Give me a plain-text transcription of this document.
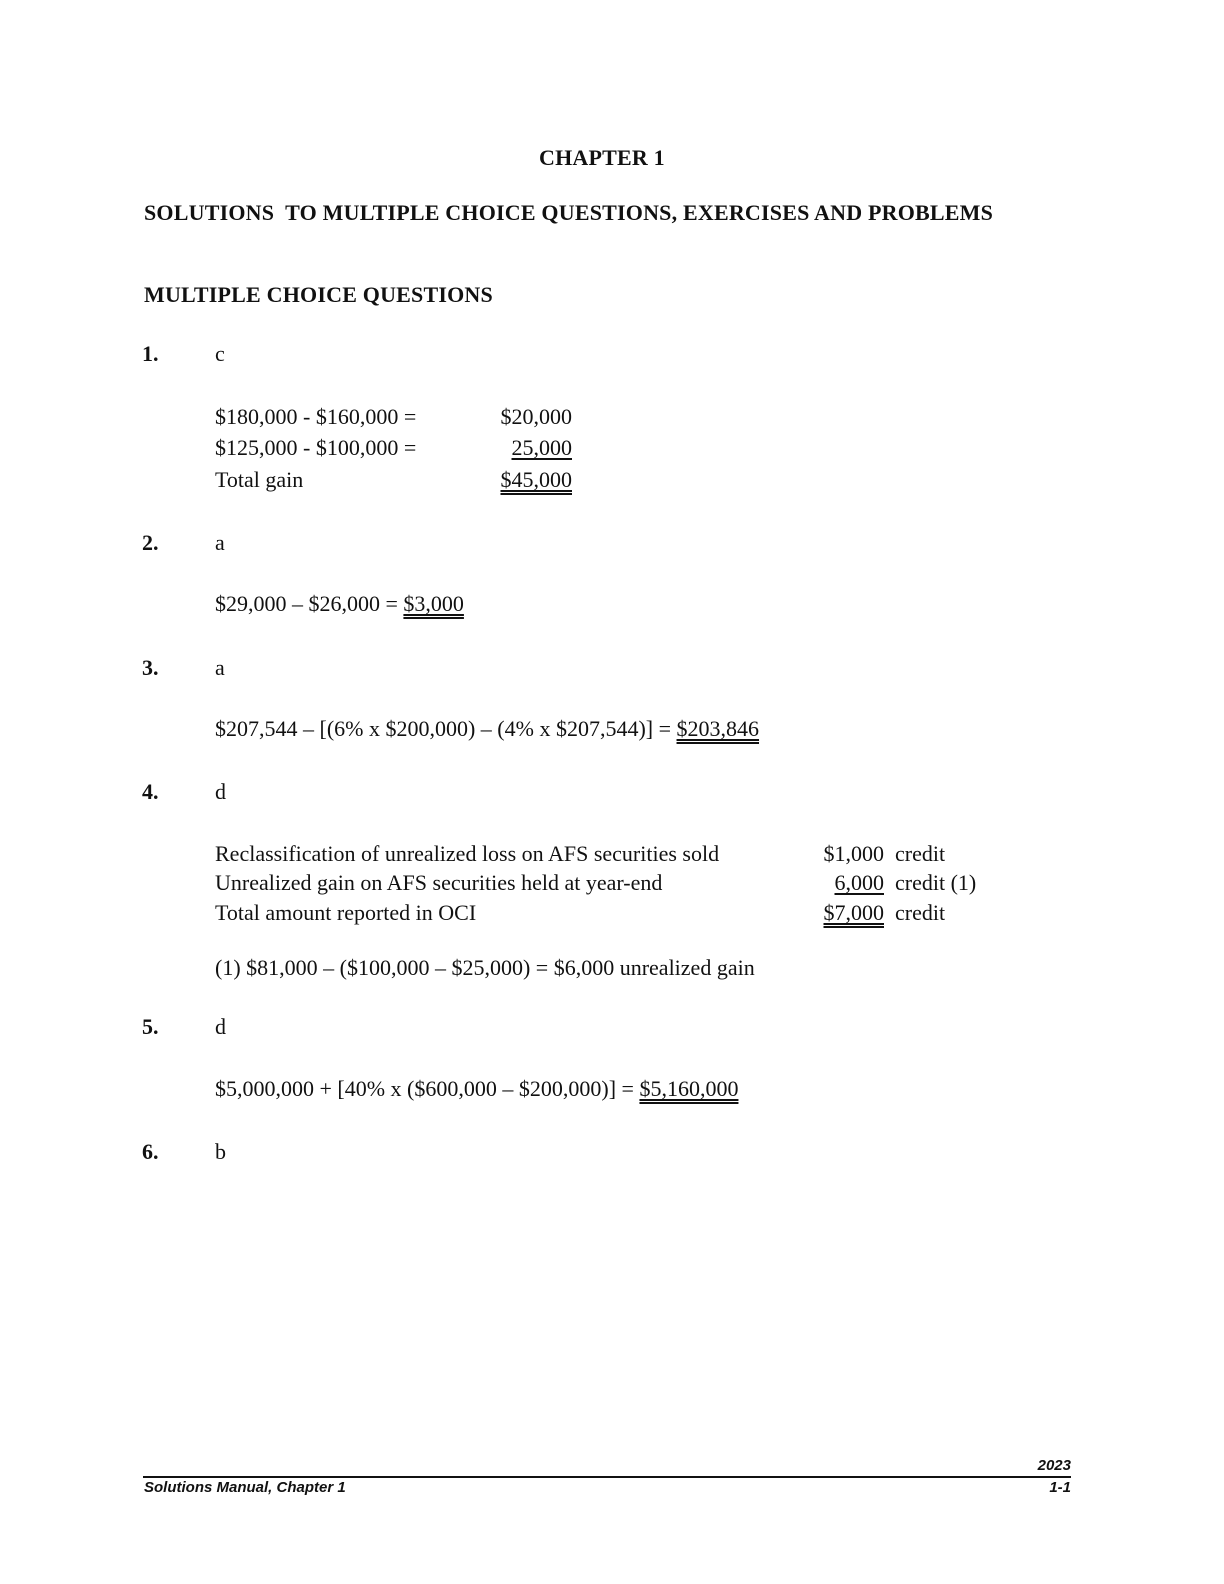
CHAPTER 1
SOLUTIONS  TO MULTIPLE CHOICE QUESTIONS, EXERCISES AND PROBLEMS
MULTIPLE CHOICE QUESTIONS
1.	c
$180,000 - $160,000 =	$20,000
$125,000 - $100,000 =	25,000
Total gain	$45,000
2.	a
$29,000 – $26,000 = $3,000
3.	a
$207,544 – [(6% x $200,000) – (4% x $207,544)] = $203,846
4.	d
Reclassification of unrealized loss on AFS securities sold	$1,000 credit
Unrealized gain on AFS securities held at year-end	6,000 credit (1)
Total amount reported in OCI	$7,000 credit
(1) $81,000 – ($100,000 – $25,000) = $6,000 unrealized gain
5.	d
$5,000,000 + [40% x ($600,000 – $200,000)] = $5,160,000
6.	b
2023
Solutions Manual, Chapter 1	1-1
